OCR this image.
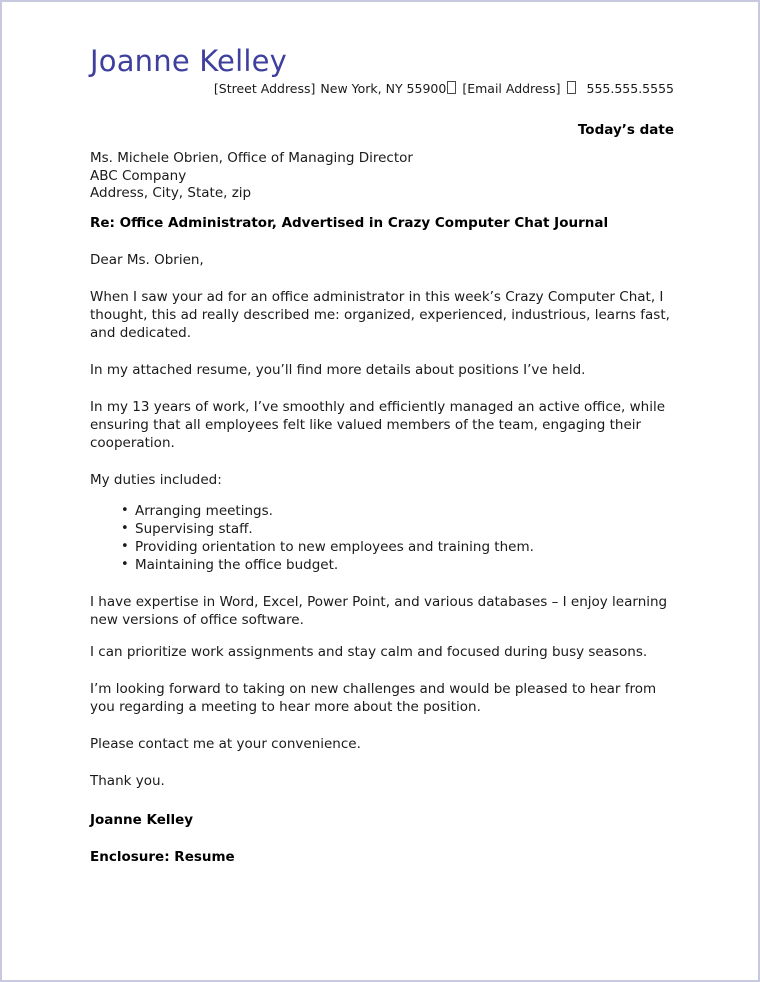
Joanne Kelley
[Street Address] New York, NY 55900 [Email Address] 555.555.5555
Today’s date
Ms. Michele Obrien, Office of Managing Director
ABC Company
Address, City, State, zip
Re: Office Administrator, Advertised in Crazy Computer Chat Journal
Dear Ms. Obrien,

When I saw your ad for an office administrator in this week’s Crazy Computer Chat, I thought, this ad really described me: organized, experienced, industrious, learns fast, and dedicated.

In my attached resume, you’ll find more details about positions I’ve held.

In my 13 years of work, I’ve smoothly and efficiently managed an active office, while ensuring that all employees felt like valued members of the team, engaging their cooperation.

My duties included:

• Arranging meetings.
• Supervising staff.
• Providing orientation to new employees and training them.
• Maintaining the office budget.

I have expertise in Word, Excel, Power Point, and various databases – I enjoy learning new versions of office software.

I can prioritize work assignments and stay calm and focused during busy seasons.

I’m looking forward to taking on new challenges and would be pleased to hear from you regarding a meeting to hear more about the position.

Please contact me at your convenience.

Thank you.

Joanne Kelley
Enclosure: Resume
